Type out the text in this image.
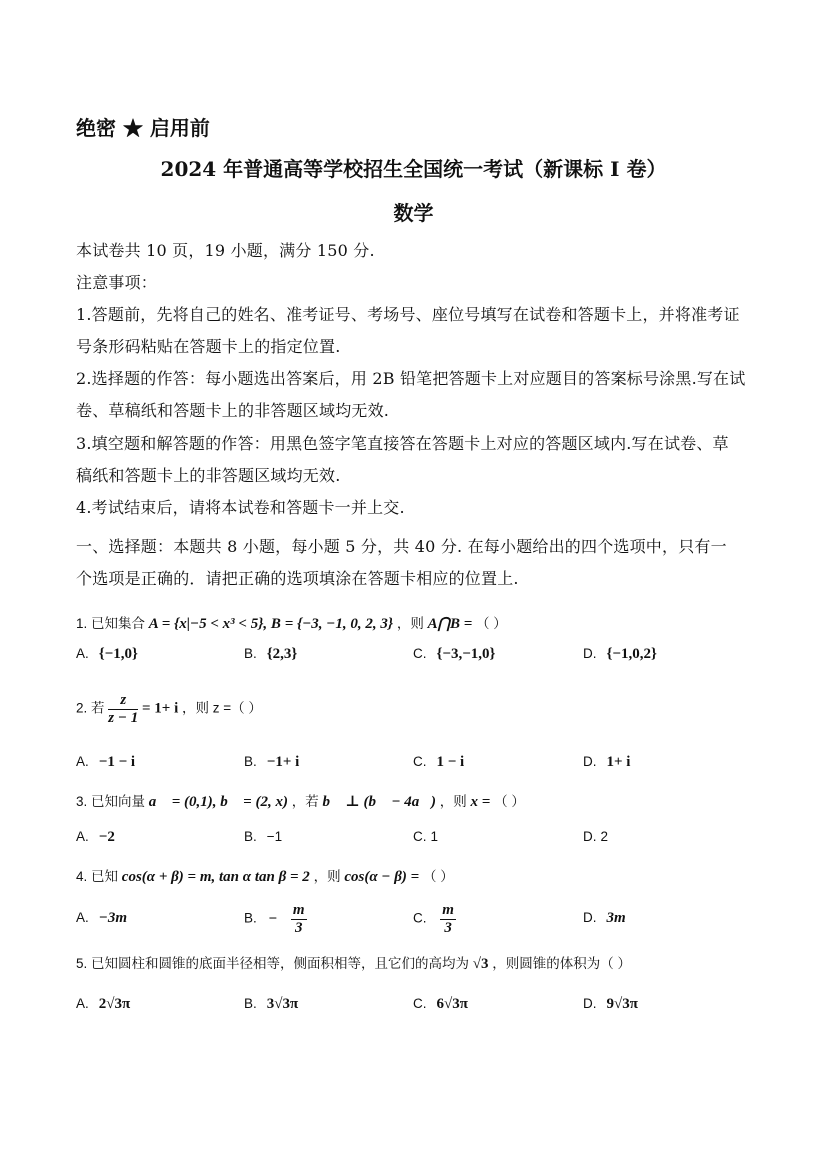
绝密 ★ 启用前
2024 年普通高等学校招生全国统一考试（新课标 I 卷）
数学
本试卷共 10 页，19 小题，满分 150 分.
注意事项：
1.答题前，先将自己的姓名、准考证号、考场号、座位号填写在试卷和答题卡上，并将准考证
号条形码粘贴在答题卡上的指定位置.
2.选择题的作答：每小题选出答案后，用 2B 铅笔把答题卡上对应题目的答案标号涂黑.写在试
卷、草稿纸和答题卡上的非答题区域均无效.
3.填空题和解答题的作答：用黑色签字笔直接答在答题卡上对应的答题区域内.写在试卷、草
稿纸和答题卡上的非答题区域均无效.
4.考试结束后，请将本试卷和答题卡一并上交.
一、选择题：本题共 8 小题，每小题 5 分，共 40 分. 在每小题给出的四个选项中，只有一
个选项是正确的．请把正确的选项填涂在答题卡相应的位置上.
1. 已知集合 A = {x|−5 < x³ < 5}, B = {−3, −1, 0, 2, 3} ，则 A⋂B = （ ）
A. {−1,0}	B. {2,3}	C. {−3,−1,0}	D. {−1,0,2}
2. 若 $\frac{z}{z - 1} = 1+ i$ ，则 z =（ ）
A. −1 − i	B. −1+ i	C. 1 − i	D. 1+ i
3. 已知向量 a⃗ = (0,1), b⃗ = (2, x) ，若 b⃗ ⊥ (b⃗ − 4a⃗) ，则 x = （ ）
A. −2	B. −1	C. 1	D. 2
4. 已知 cos(α + β) = m, tan α tan β = 2 ，则 cos(α − β) = （ ）
A. −3m	B. − $\frac{m}{3}$	C. $\frac{m}{3}$	D. 3m
5. 已知圆柱和圆锥的底面半径相等，侧面积相等，且它们的高均为 √3 ，则圆锥的体积为（ ）
A. 2√3π	B. 3√3π	C. 6√3π	D. 9√3π
